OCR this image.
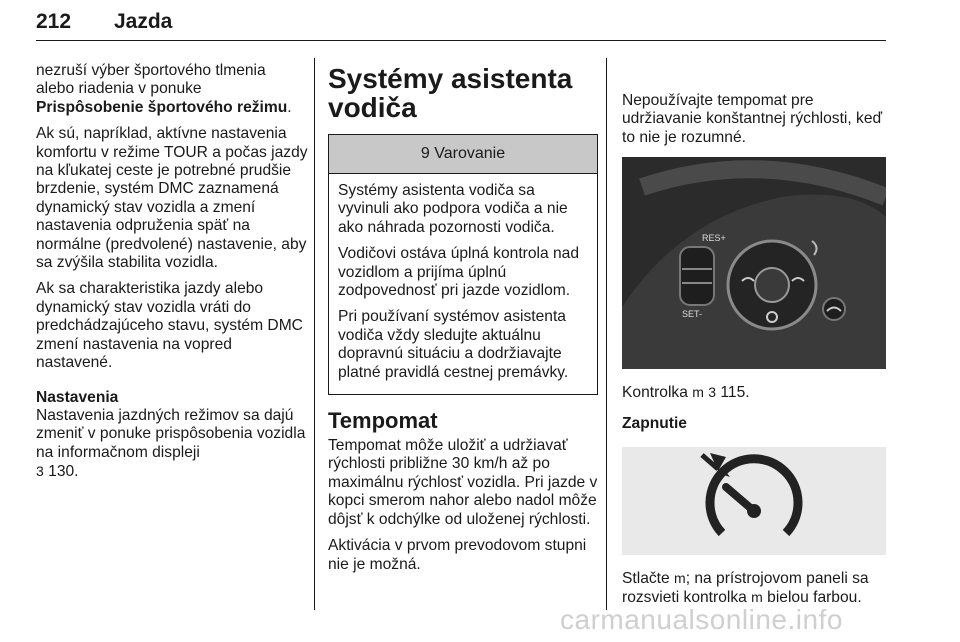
212 Jazda

nezruší výber športového tlmenia alebo riadenia v ponuke Prispôsobenie športového režimu.

Ak sú, napríklad, aktívne nastavenia komfortu v režime TOUR a počas jazdy na kľukatej ceste je potrebné prudšie brzdenie, systém DMC zaznamená dynamický stav vozidla a zmení nastavenia odpruženia späť na normálne (predvolené) nastavenie, aby sa zvýšila stabilita vozidla.

Ak sa charakteristika jazdy alebo dynamický stav vozidla vráti do predchádzajúceho stavu, systém DMC zmení nastavenia na vopred nastavené.

Nastavenia

Nastavenia jazdných režimov sa dajú zmeniť v ponuke prispôsobenia vozidla na informačnom displeji
3 130.

Systémy asistenta vodiča
9 Varovanie

Systémy asistenta vodiča sa vyvinuli ako podpora vodiča a nie ako náhrada pozornosti vodiča.

Vodičovi ostáva úplná kontrola nad vozidlom a prijíma úplnú zodpovednosť pri jazde vozidlom.

Pri používaní systémov asistenta vodiča vždy sledujte aktuálnu dopravnú situáciu a dodržiavajte platné pravidlá cestnej premávky.

Tempomat

Tempomat môže uložiť a udržiavať rýchlosti približne 30 km/h až po maximálnu rýchlosť vozidla. Pri jazde v kopci smerom nahor alebo nadol môže dôjsť k odchýlke od uloženej rýchlosti.

Aktivácia v prvom prevodovom stupni nie je možná.

Nepoužívajte tempomat pre udržiavanie konštantnej rýchlosti, keď to nie je rozumné.

RES+
SET-

Kontrolka m 3 115.

Zapnutie

Stlačte m; na prístrojovom paneli sa rozsvieti kontrolka m bielou farbou.

carmanualsonline.info
